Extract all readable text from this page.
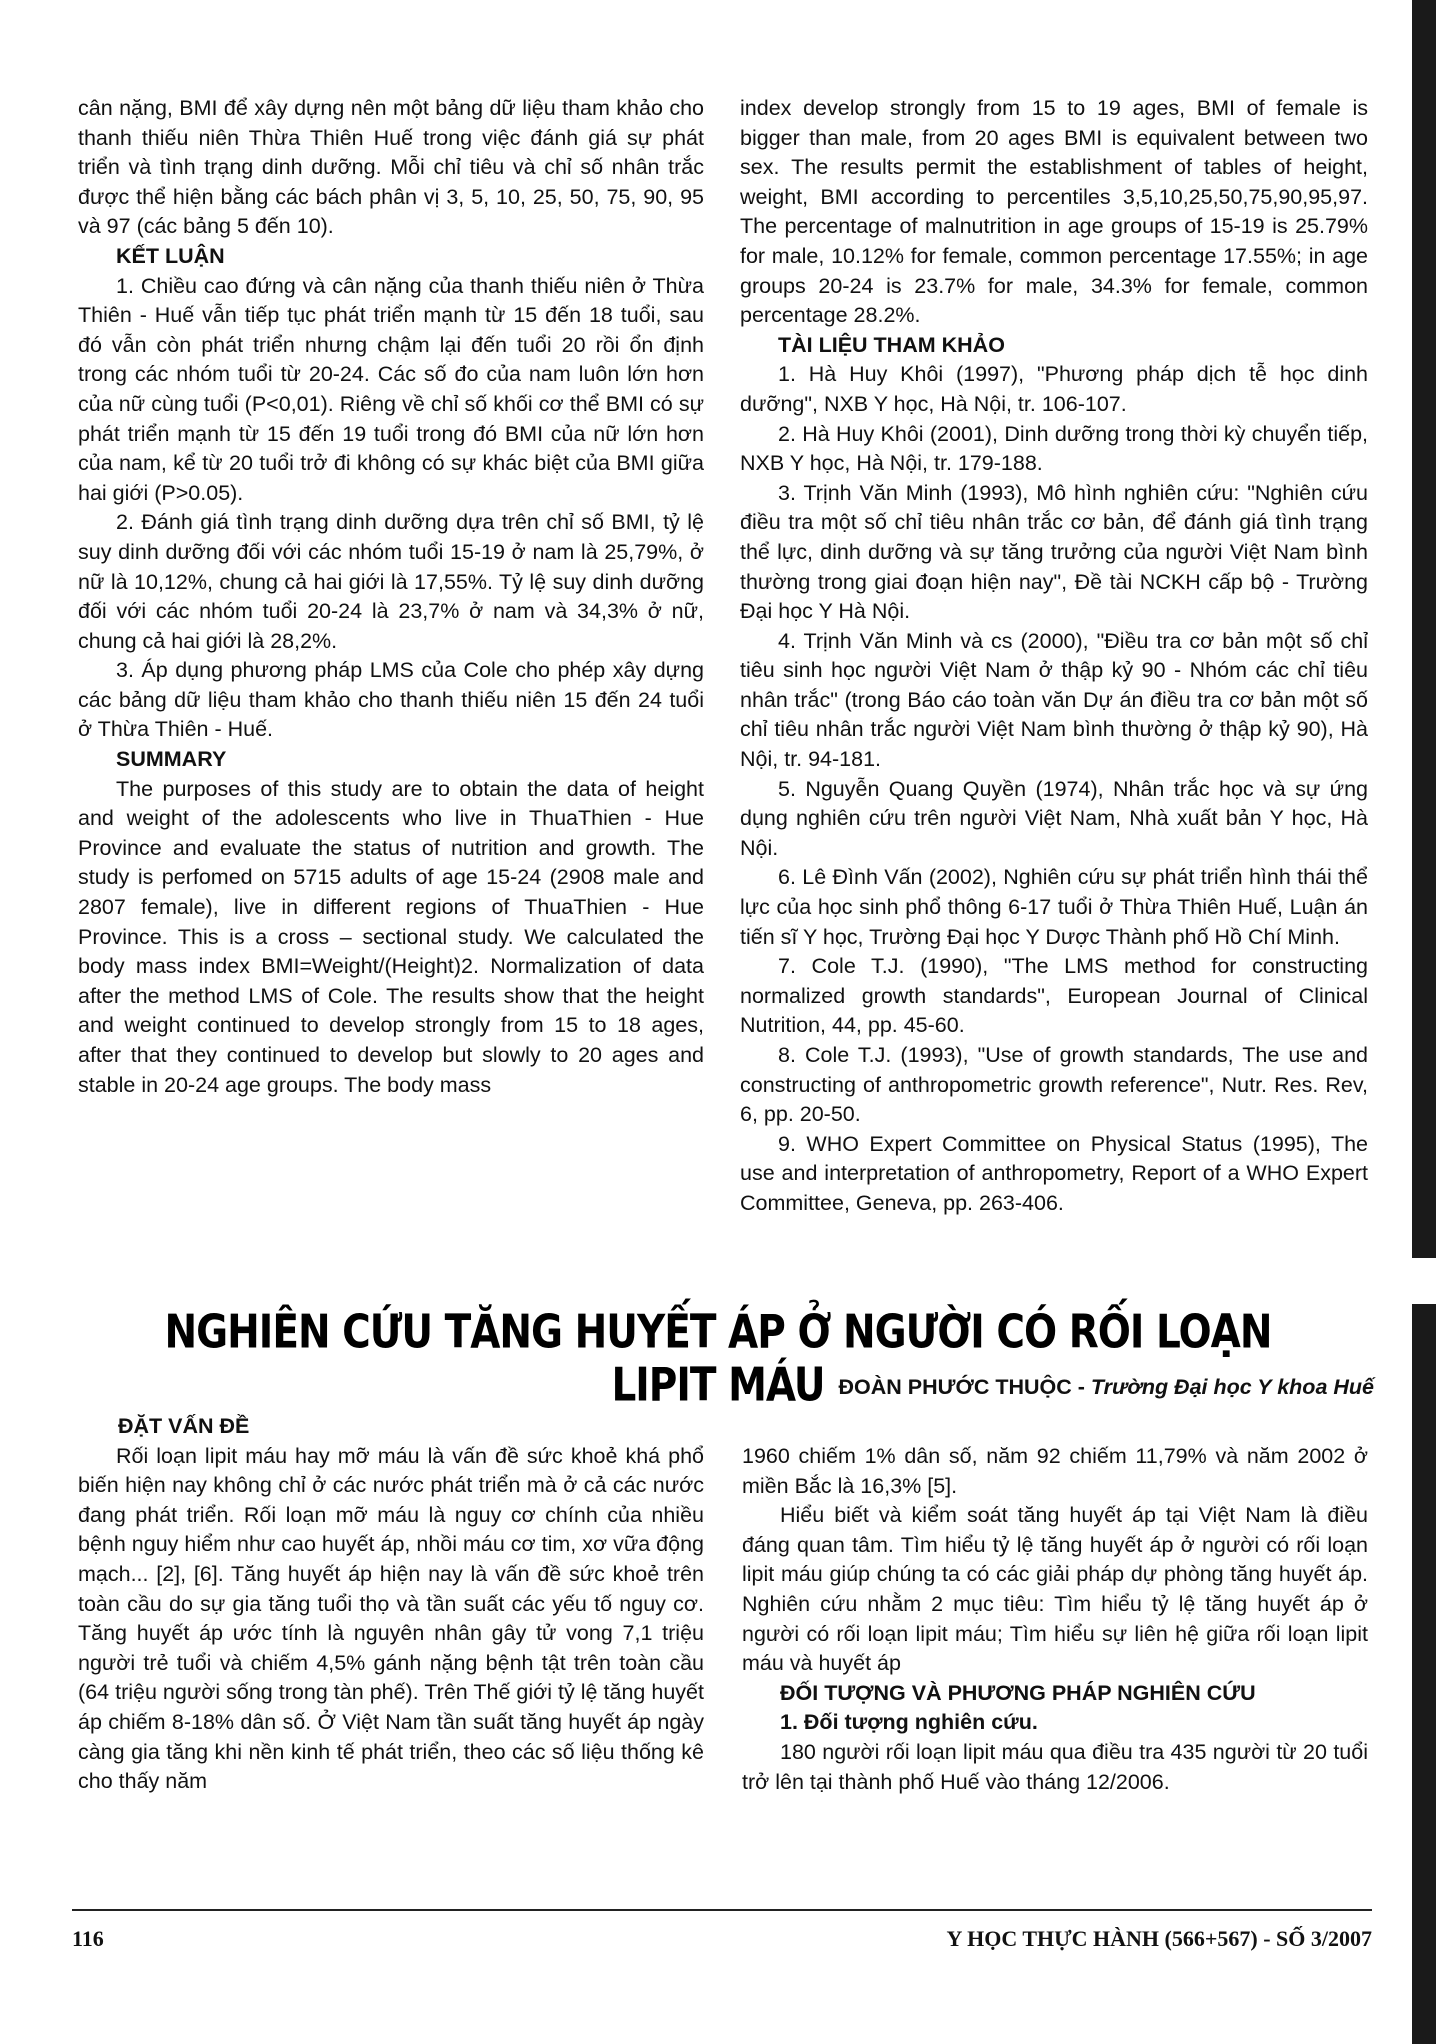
cân nặng, BMI để xây dựng nên một bảng dữ liệu tham khảo cho thanh thiếu niên Thừa Thiên Huế trong việc đánh giá sự phát triển và tình trạng dinh dưỡng. Mỗi chỉ tiêu và chỉ số nhân trắc được thể hiện bằng các bách phân vị 3, 5, 10, 25, 50, 75, 90, 95 và 97 (các bảng 5 đến 10).

KẾT LUẬN

1. Chiều cao đứng và cân nặng của thanh thiếu niên ở Thừa Thiên - Huế vẫn tiếp tục phát triển mạnh từ 15 đến 18 tuổi, sau đó vẫn còn phát triển nhưng chậm lại đến tuổi 20 rồi ổn định trong các nhóm tuổi từ 20-24. Các số đo của nam luôn lớn hơn của nữ cùng tuổi (P<0,01). Riêng về chỉ số khối cơ thể BMI có sự phát triển mạnh từ 15 đến 19 tuổi trong đó BMI của nữ lớn hơn của nam, kể từ 20 tuổi trở đi không có sự khác biệt của BMI giữa hai giới (P>0.05).

2. Đánh giá tình trạng dinh dưỡng dựa trên chỉ số BMI, tỷ lệ suy dinh dưỡng đối với các nhóm tuổi 15-19 ở nam là 25,79%, ở nữ là 10,12%, chung cả hai giới là 17,55%. Tỷ lệ suy dinh dưỡng đối với các nhóm tuổi 20-24 là 23,7% ở nam và 34,3% ở nữ, chung cả hai giới là 28,2%.

3. Áp dụng phương pháp LMS của Cole cho phép xây dựng các bảng dữ liệu tham khảo cho thanh thiếu niên 15 đến 24 tuổi ở Thừa Thiên - Huế.

SUMMARY

The purposes of this study are to obtain the data of height and weight of the adolescents who live in ThuaThien - Hue Province and evaluate the status of nutrition and growth. The study is perfomed on 5715 adults of age 15-24 (2908 male and 2807 female), live in different regions of ThuaThien - Hue Province. This is a cross – sectional study. We calculated the body mass index BMI=Weight/(Height)2. Normalization of data after the method LMS of Cole. The results show that the height and weight continued to develop strongly from 15 to 18 ages, after that they continued to develop but slowly to 20 ages and stable in 20-24 age groups. The body mass

index develop strongly from 15 to 19 ages, BMI of female is bigger than male, from 20 ages BMI is equivalent between two sex. The results permit the establishment of tables of height, weight, BMI according to percentiles 3,5,10,25,50,75,90,95,97. The percentage of malnutrition in age groups of 15-19 is 25.79% for male, 10.12% for female, common percentage 17.55%; in age groups 20-24 is 23.7% for male, 34.3% for female, common percentage 28.2%.

TÀI LIỆU THAM KHẢO

1. Hà Huy Khôi (1997), "Phương pháp dịch tễ học dinh dưỡng", NXB Y học, Hà Nội, tr. 106-107.

2. Hà Huy Khôi (2001), Dinh dưỡng trong thời kỳ chuyển tiếp, NXB Y học, Hà Nội, tr. 179-188.

3. Trịnh Văn Minh (1993), Mô hình nghiên cứu: "Nghiên cứu điều tra một số chỉ tiêu nhân trắc cơ bản, để đánh giá tình trạng thể lực, dinh dưỡng và sự tăng trưởng của người Việt Nam bình thường trong giai đoạn hiện nay", Đề tài NCKH cấp bộ - Trường Đại học Y Hà Nội.

4. Trịnh Văn Minh và cs (2000), "Điều tra cơ bản một số chỉ tiêu sinh học người Việt Nam ở thập kỷ 90 - Nhóm các chỉ tiêu nhân trắc" (trong Báo cáo toàn văn Dự án điều tra cơ bản một số chỉ tiêu nhân trắc người Việt Nam bình thường ở thập kỷ 90), Hà Nội, tr. 94-181.

5. Nguyễn Quang Quyền (1974), Nhân trắc học và sự ứng dụng nghiên cứu trên người Việt Nam, Nhà xuất bản Y học, Hà Nội.

6. Lê Đình Vấn (2002), Nghiên cứu sự phát triển hình thái thể lực của học sinh phổ thông 6-17 tuổi ở Thừa Thiên Huế, Luận án tiến sĩ Y học, Trường Đại học Y Dược Thành phố Hồ Chí Minh.

7. Cole T.J. (1990), "The LMS method for constructing normalized growth standards", European Journal of Clinical Nutrition, 44, pp. 45-60.

8. Cole T.J. (1993), "Use of growth standards, The use and constructing of anthropometric growth reference", Nutr. Res. Rev, 6, pp. 20-50.

9. WHO Expert Committee on Physical Status (1995), The use and interpretation of anthropometry, Report of a WHO Expert Committee, Geneva, pp. 263-406.

NGHIÊN CỨU TĂNG HUYẾT ÁP Ở NGƯỜI CÓ RỐI LOẠN LIPIT MÁU ĐOÀN PHƯỚC THUỘC - Trường Đại học Y khoa Huế

ĐẶT VẤN ĐỀ

Rối loạn lipit máu hay mỡ máu là vấn đề sức khoẻ khá phổ biến hiện nay không chỉ ở các nước phát triển mà ở cả các nước đang phát triển. Rối loạn mỡ máu là nguy cơ chính của nhiều bệnh nguy hiểm như cao huyết áp, nhồi máu cơ tim, xơ vữa động mạch... [2], [6]. Tăng huyết áp hiện nay là vấn đề sức khoẻ trên toàn cầu do sự gia tăng tuổi thọ và tần suất các yếu tố nguy cơ. Tăng huyết áp ước tính là nguyên nhân gây tử vong 7,1 triệu người trẻ tuổi và chiếm 4,5% gánh nặng bệnh tật trên toàn cầu (64 triệu người sống trong tàn phế). Trên Thế giới tỷ lệ tăng huyết áp chiếm 8-18% dân số. Ở Việt Nam tần suất tăng huyết áp ngày càng gia tăng khi nền kinh tế phát triển, theo các số liệu thống kê cho thấy năm

1960 chiếm 1% dân số, năm 92 chiếm 11,79% và năm 2002 ở miền Bắc là 16,3% [5].

Hiểu biết và kiểm soát tăng huyết áp tại Việt Nam là điều đáng quan tâm. Tìm hiểu tỷ lệ tăng huyết áp ở người có rối loạn lipit máu giúp chúng ta có các giải pháp dự phòng tăng huyết áp. Nghiên cứu nhằm 2 mục tiêu: Tìm hiểu tỷ lệ tăng huyết áp ở người có rối loạn lipit máu; Tìm hiểu sự liên hệ giữa rối loạn lipit máu và huyết áp

ĐỐI TƯỢNG VÀ PHƯƠNG PHÁP NGHIÊN CỨU

1. Đối tượng nghiên cứu.

180 người rối loạn lipit máu qua điều tra 435 người từ 20 tuổi trở lên tại thành phố Huế vào tháng 12/2006.

116	Y HỌC THỰC HÀNH (566+567) - SỐ 3/2007
